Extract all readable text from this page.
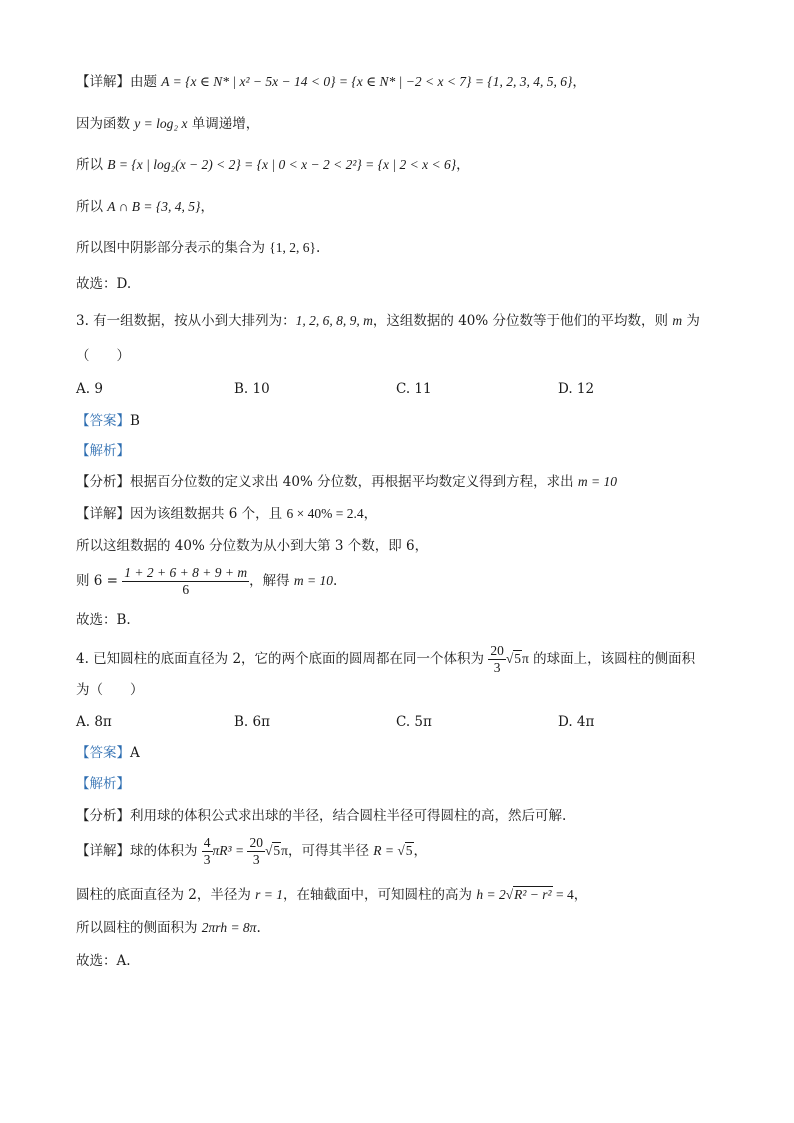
【详解】由题 A = {x ∈ N* | x² − 5x − 14 < 0} = {x ∈ N* | −2 < x < 7} = {1, 2, 3, 4, 5, 6}，
因为函数 y = log₂ x 单调递增，
所以 B = {x | log₂(x − 2) < 2} = {x | 0 < x − 2 < 2²} = {x | 2 < x < 6}，
所以 A ∩ B = {3, 4, 5}，
所以图中阴影部分表示的集合为 {1, 2, 6}.
故选：D.
3. 有一组数据，按从小到大排列为：1, 2, 6, 8, 9, m，这组数据的 40% 分位数等于他们的平均数，则 m 为
（　　）
A. 9	B. 10	C. 11	D. 12
【答案】B
【解析】
【分析】根据百分位数的定义求出 40% 分位数，再根据平均数定义得到方程，求出 m = 10
【详解】因为该组数据共 6 个，且 6 × 40% = 2.4，
所以这组数据的 40% 分位数为从小到大第 3 个数，即 6，
则 $6 = \frac{1 + 2 + 6 + 8 + 9 + m}{6}$ ，解得 m = 10.
故选：B.
4. 已知圆柱的底面直径为 2，它的两个底面的圆周都在同一个体积为 $\frac{20}{3} √5\pi$ 的球面上，该圆柱的侧面积
为（　　）
A. 8π	B. 6π	C. 5π	D. 4π
【答案】A
【解析】
【分析】利用球的体积公式求出球的半径，结合圆柱半径可得圆柱的高，然后可解.
【详解】球的体积为 $\frac{4}{3} \pi R^3 = \frac{20}{3} √5\pi$，可得其半径 R = √5，
圆柱的底面直径为 2，半径为 r = 1，在轴截面中，可知圆柱的高为 h = 2√R² − r² = 4，
所以圆柱的侧面积为 2πrh = 8π.
故选：A.
